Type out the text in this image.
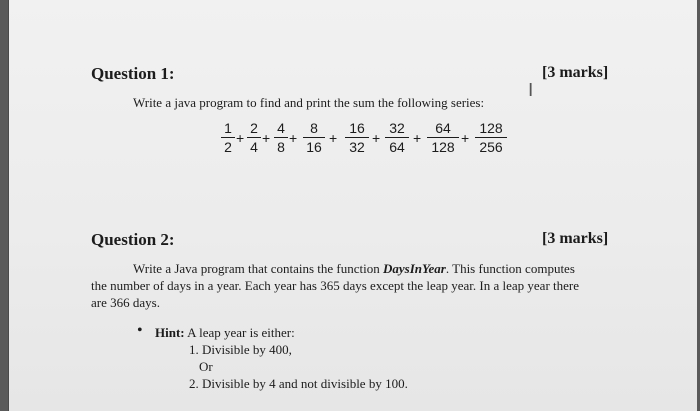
Question 1:	[3 marks]
I
Write a java program to find and print the sum the following series:
1
2
+
2
4
+
4
8
+
8
16
+
16
32
+
32
64
+
64
128
+
128
256
Question 2:	[3 marks]
Write a Java program that contains the function DaysInYear. This function computes
the number of days in a year. Each year has 365 days except the leap year. In a leap year there
are 366 days.
• Hint: A leap year is either:
1. Divisible by 400,
Or
2. Divisible by 4 and not divisible by 100.
